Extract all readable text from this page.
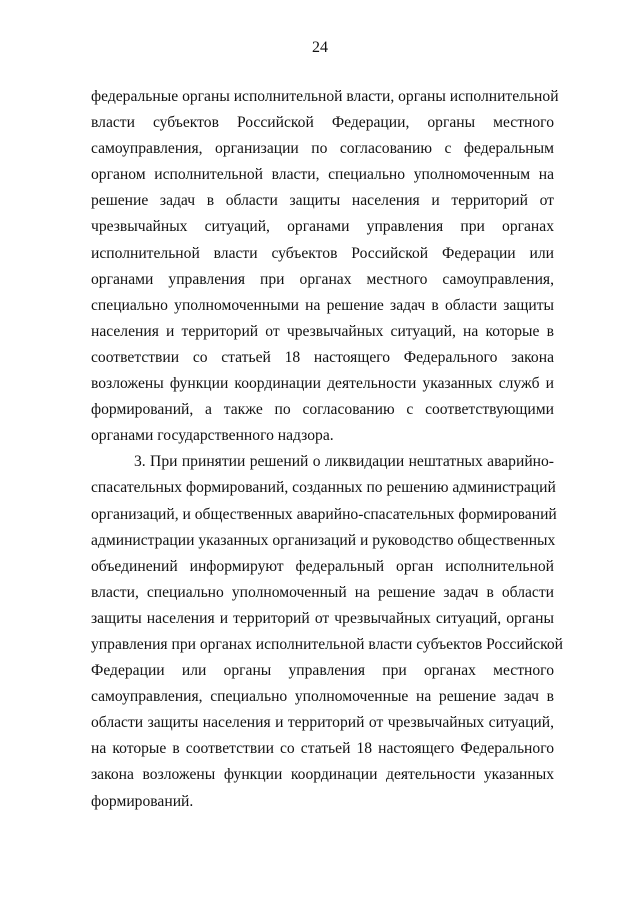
24
федеральные органы исполнительной власти, органы исполнительной
власти субъектов Российской Федерации, органы местного
самоуправления, организации по согласованию с федеральным
органом исполнительной власти, специально уполномоченным на
решение задач в области защиты населения и территорий от
чрезвычайных ситуаций, органами управления при органах
исполнительной власти субъектов Российской Федерации или
органами управления при органах местного самоуправления,
специально уполномоченными на решение задач в области защиты
населения и территорий от чрезвычайных ситуаций, на которые в
соответствии со статьей 18 настоящего Федерального закона
возложены функции координации деятельности указанных служб и
формирований, а также по согласованию с соответствующими
органами государственного надзора.
3. При принятии решений о ликвидации нештатных аварийно-
спасательных формирований, созданных по решению администраций
организаций, и общественных аварийно-спасательных формирований
администрации указанных организаций и руководство общественных
объединений информируют федеральный орган исполнительной
власти, специально уполномоченный на решение задач в области
защиты населения и территорий от чрезвычайных ситуаций, органы
управления при органах исполнительной власти субъектов Российской
Федерации или органы управления при органах местного
самоуправления, специально уполномоченные на решение задач в
области защиты населения и территорий от чрезвычайных ситуаций,
на которые в соответствии со статьей 18 настоящего Федерального
закона возложены функции координации деятельности указанных
формирований.
